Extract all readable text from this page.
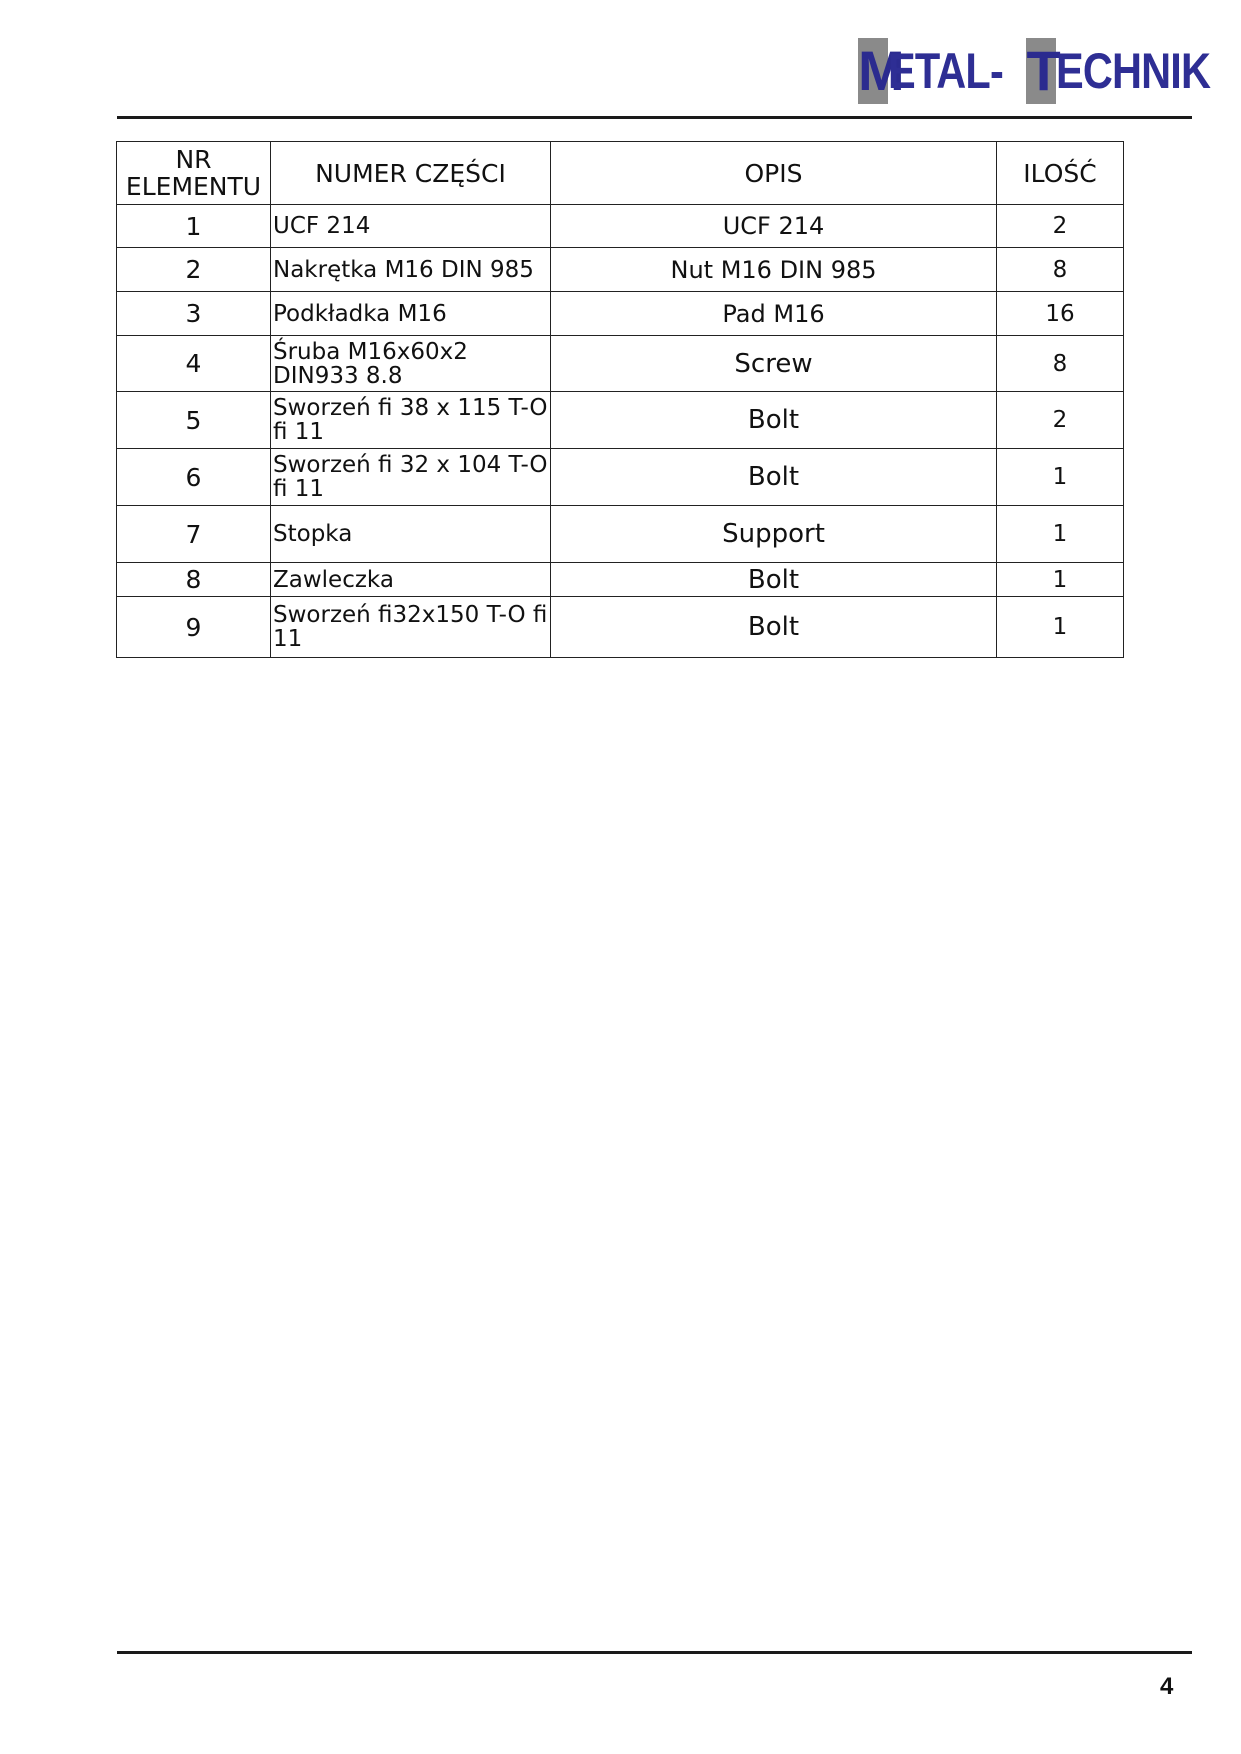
M
ETAL- T
ECHNIK
NR ELEMENTU	NUMER CZĘŚCI	OPIS	ILOŚĆ
1	UCF 214	UCF 214	2
2	Nakrętka M16 DIN 985	Nut M16 DIN 985	8
3	Podkładka M16	Pad M16	16
4	Śruba M16x60x2 DIN933 8.8	Screw	8
5	Sworzeń fi 38 x 115 T-O fi 11	Bolt	2
6	Sworzeń fi 32 x 104 T-O fi 11	Bolt	1
7	Stopka	Support	1
8	Zawleczka	Bolt	1
9	Sworzeń fi32x150 T-O fi 11	Bolt	1
4
